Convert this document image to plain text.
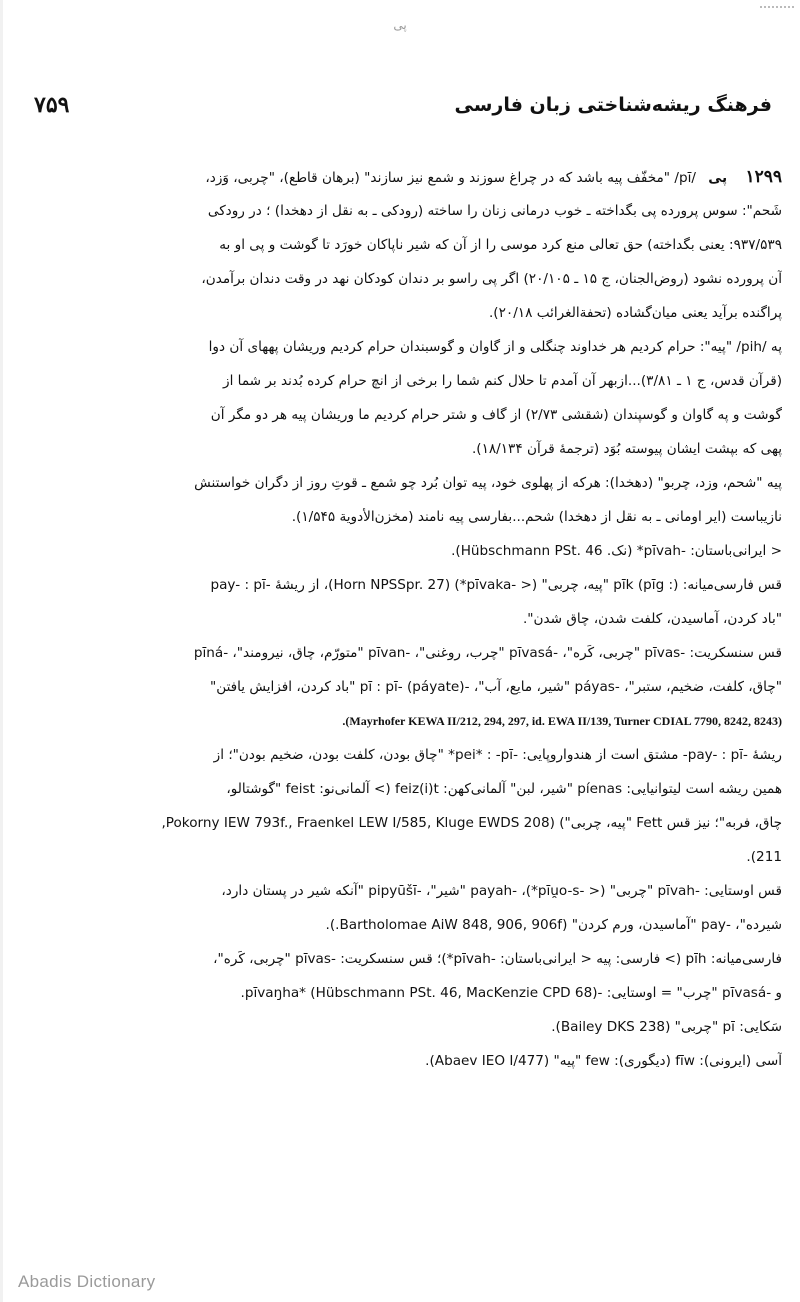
پی
۷۵۹	فرهنگ ریشه‌شناختی زبان فارسی

۱۲۹۹ پی /pī/ "مخفّف پیه باشد که در چراغ سوزند و شمع نیز سازند" (برهان قاطع)، "چربی، وَزد،

شَحم": سوس پرورده پی بگداخته ـ خوب درمانی زنان را ساخته (رودکی ـ به نقل از دهخدا) ؛ در رودکی

۹۳۷/۵۳۹: یعنی بگداخته) حق تعالی منع کرد موسی را از آن که شیر ناپاکان خورَد تا گوشت و پی او به

آن پرورده نشود (روض‌الجنان، ج ۱۵ ـ ۲۰/۱۰۵) اگر پی راسو بر دندان کودکان نهد در وقت دندان برآمدن،

پراگنده برآید یعنی میان‌گشاده (تحفة‌الغرائب ۲۰/۱۸).

په /pih/ "پیه": حرام کردیم هر خداوند چنگلی و از گاوان و گوسبندان حرام کردیم وریشان پههای آن دوا

(قرآن قدس، ج ۱ ـ ۳/۸۱)...ازبهر آن آمدم تا حلال کنم شما را برخی از انچ حرام کرده بُدند بر شما از

گوشت و په گاوان و گوسپندان (شقشی ۲/۷۳) از گاف و شتر حرام کردیم ما وریشان پیه هر دو مگر آن

پهی که بپشت ایشان پیوسته بُوَد (ترجمهٔ قرآن ۱۸/۱۳۴).

پیه "شحم، وزد، چربو" (دهخدا): هرکه از پهلوی خود، پیه توان بُرد چو شمع ـ قوتِ روز از دگران خواستنش

نازیباست (ایر اومانی ـ به نقل از دهخدا) شحم...بفارسی پیه نامند (مخزن‌الأدویة ۱/۵۴۵).

< ایرانی‌باستان: -pīvah* (نک. Hübschmann PSt. 46).

قس فارسی‌میانه: pīk (pīg :) "پیه، چربی" (< -pīvaka*) (Horn NPSSpr. 27)، از ریشهٔ -pay- : pī

"باد کردن، آماسیدن، کلفت شدن، چاق شدن".

قس سنسکریت: -pīvas "چربی، کَره"، -pīvasá "چرب، روغنی"، -pīvan "متورّم، چاق، نیرومند"، -pīná

"چاق، کلفت، ضخیم، ستبر"، -páyas "شیر، مایع، آب"، -pī : pī- (páyate) "باد کردن، افزایش یافتن"

(Mayrhofer KEWA II/212, 294, 297, id. EWA II/139, Turner CDIAL 7790, 8242, 8243).

ریشهٔ -pay- : pī- مشتق است از هندواروپایی: -pei* : -pī* "چاق بودن، کلفت بودن، ضخیم بودن"؛ از

همین ریشه است لیتوانیایی: píenas "شیر، لبن" آلمانی‌کهن: feiz(i)t (> آلمانی‌نو: feist "گوشتالو،

چاق، فربه"؛ نیز قس Fett "پیه، چربی") (Pokorny IEW 793f., Fraenkel LEW I/585, Kluge EWDS 208,

211).

قس اوستایی: -pīvah "چربی" (< -pīu̯o-s*)، -payah "شیر"، -pipyūšī "آنکه شیر در پستان دارد،

شیرده"، -pay "آماسیدن، ورم کردن" (Bartholomae AiW 848, 906, 906f.).

فارسی‌میانه: pīh (> فارسی: پیه < ایرانی‌باستان: -pīvah*)؛ قس سنسکریت: -pīvas "چربی، کَره"،

و -pīvasá "چرب" = اوستایی: -pīvaŋha* (Hübschmann PSt. 46, MacKenzie CPD 68).

سَکایی: pī "چربی" (Bailey DKS 238).

آسی (ایرونی): fīw (دیگوری): few "پیه" (Abaev IEO I/477).

Abadis Dictionary
